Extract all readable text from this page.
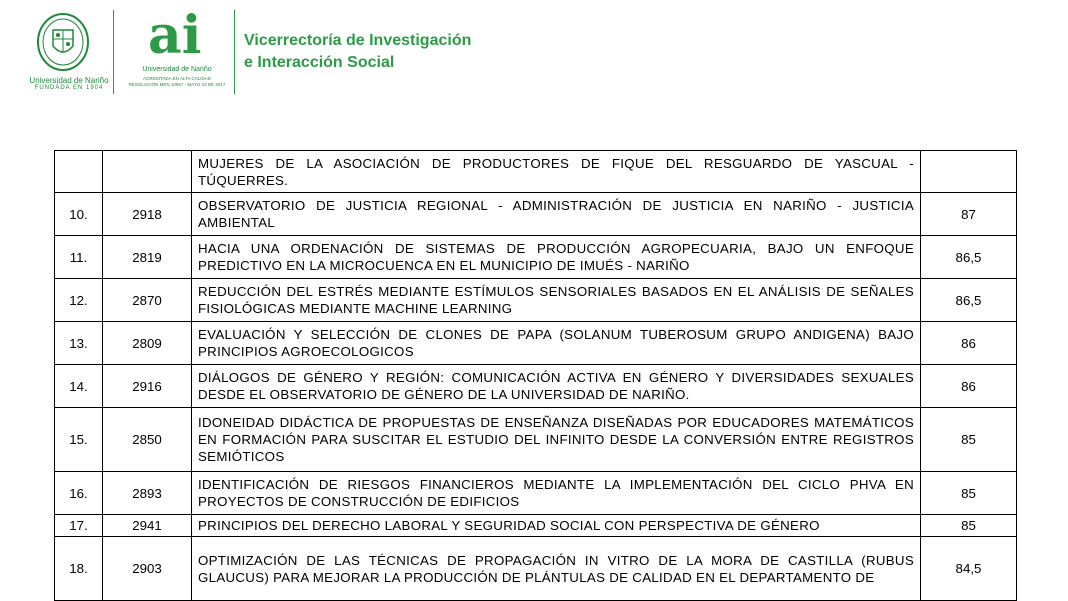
Universidad de Nariño
FUNDADA EN 1904
ai
Universidad de Nariño
ACREDITADA EN ALTA CALIDAD
RESOLUCIÓN MEN 10567 - MAYO 23 DE 2017
Vicerrectoría de Investigación
e Interacción Social
		MUJERES DE LA ASOCIACIÓN DE PRODUCTORES DE FIQUE DEL RESGUARDO DE YASCUAL - TÚQUERRES.	
10.	2918	OBSERVATORIO DE JUSTICIA REGIONAL - ADMINISTRACIÓN DE JUSTICIA EN NARIÑO - JUSTICIA AMBIENTAL	87
11.	2819	HACIA UNA ORDENACIÓN DE SISTEMAS DE PRODUCCIÓN AGROPECUARIA, BAJO UN ENFOQUE PREDICTIVO EN LA MICROCUENCA EN EL MUNICIPIO DE IMUÉS - NARIÑO	86,5
12.	2870	REDUCCIÓN DEL ESTRÉS MEDIANTE ESTÍMULOS SENSORIALES BASADOS EN EL ANÁLISIS DE SEÑALES FISIOLÓGICAS MEDIANTE MACHINE LEARNING	86,5
13.	2809	EVALUACIÓN Y SELECCIÓN DE CLONES DE PAPA (SOLANUM TUBEROSUM GRUPO ANDIGENA) BAJO PRINCIPIOS AGROECOLOGICOS	86
14.	2916	DIÁLOGOS DE GÉNERO Y REGIÓN: COMUNICACIÓN ACTIVA EN GÉNERO Y DIVERSIDADES SEXUALES DESDE EL OBSERVATORIO DE GÉNERO DE LA UNIVERSIDAD DE NARIÑO.	86
15.	2850	IDONEIDAD DIDÁCTICA DE PROPUESTAS DE ENSEÑANZA DISEÑADAS POR EDUCADORES MATEMÁTICOS EN FORMACIÓN PARA SUSCITAR EL ESTUDIO DEL INFINITO DESDE LA CONVERSIÓN ENTRE REGISTROS SEMIÓTICOS	85
16.	2893	IDENTIFICACIÓN DE RIESGOS FINANCIEROS MEDIANTE LA IMPLEMENTACIÓN DEL CICLO PHVA EN PROYECTOS DE CONSTRUCCIÓN DE EDIFICIOS	85
17.	2941	PRINCIPIOS DEL DERECHO LABORAL Y SEGURIDAD SOCIAL CON PERSPECTIVA DE GÉNERO	85
18.	2903	OPTIMIZACIÓN DE LAS TÉCNICAS DE PROPAGACIÓN IN VITRO DE LA MORA DE CASTILLA (RUBUS GLAUCUS) PARA MEJORAR LA PRODUCCIÓN DE PLÁNTULAS DE CALIDAD EN EL DEPARTAMENTO DE	84,5
